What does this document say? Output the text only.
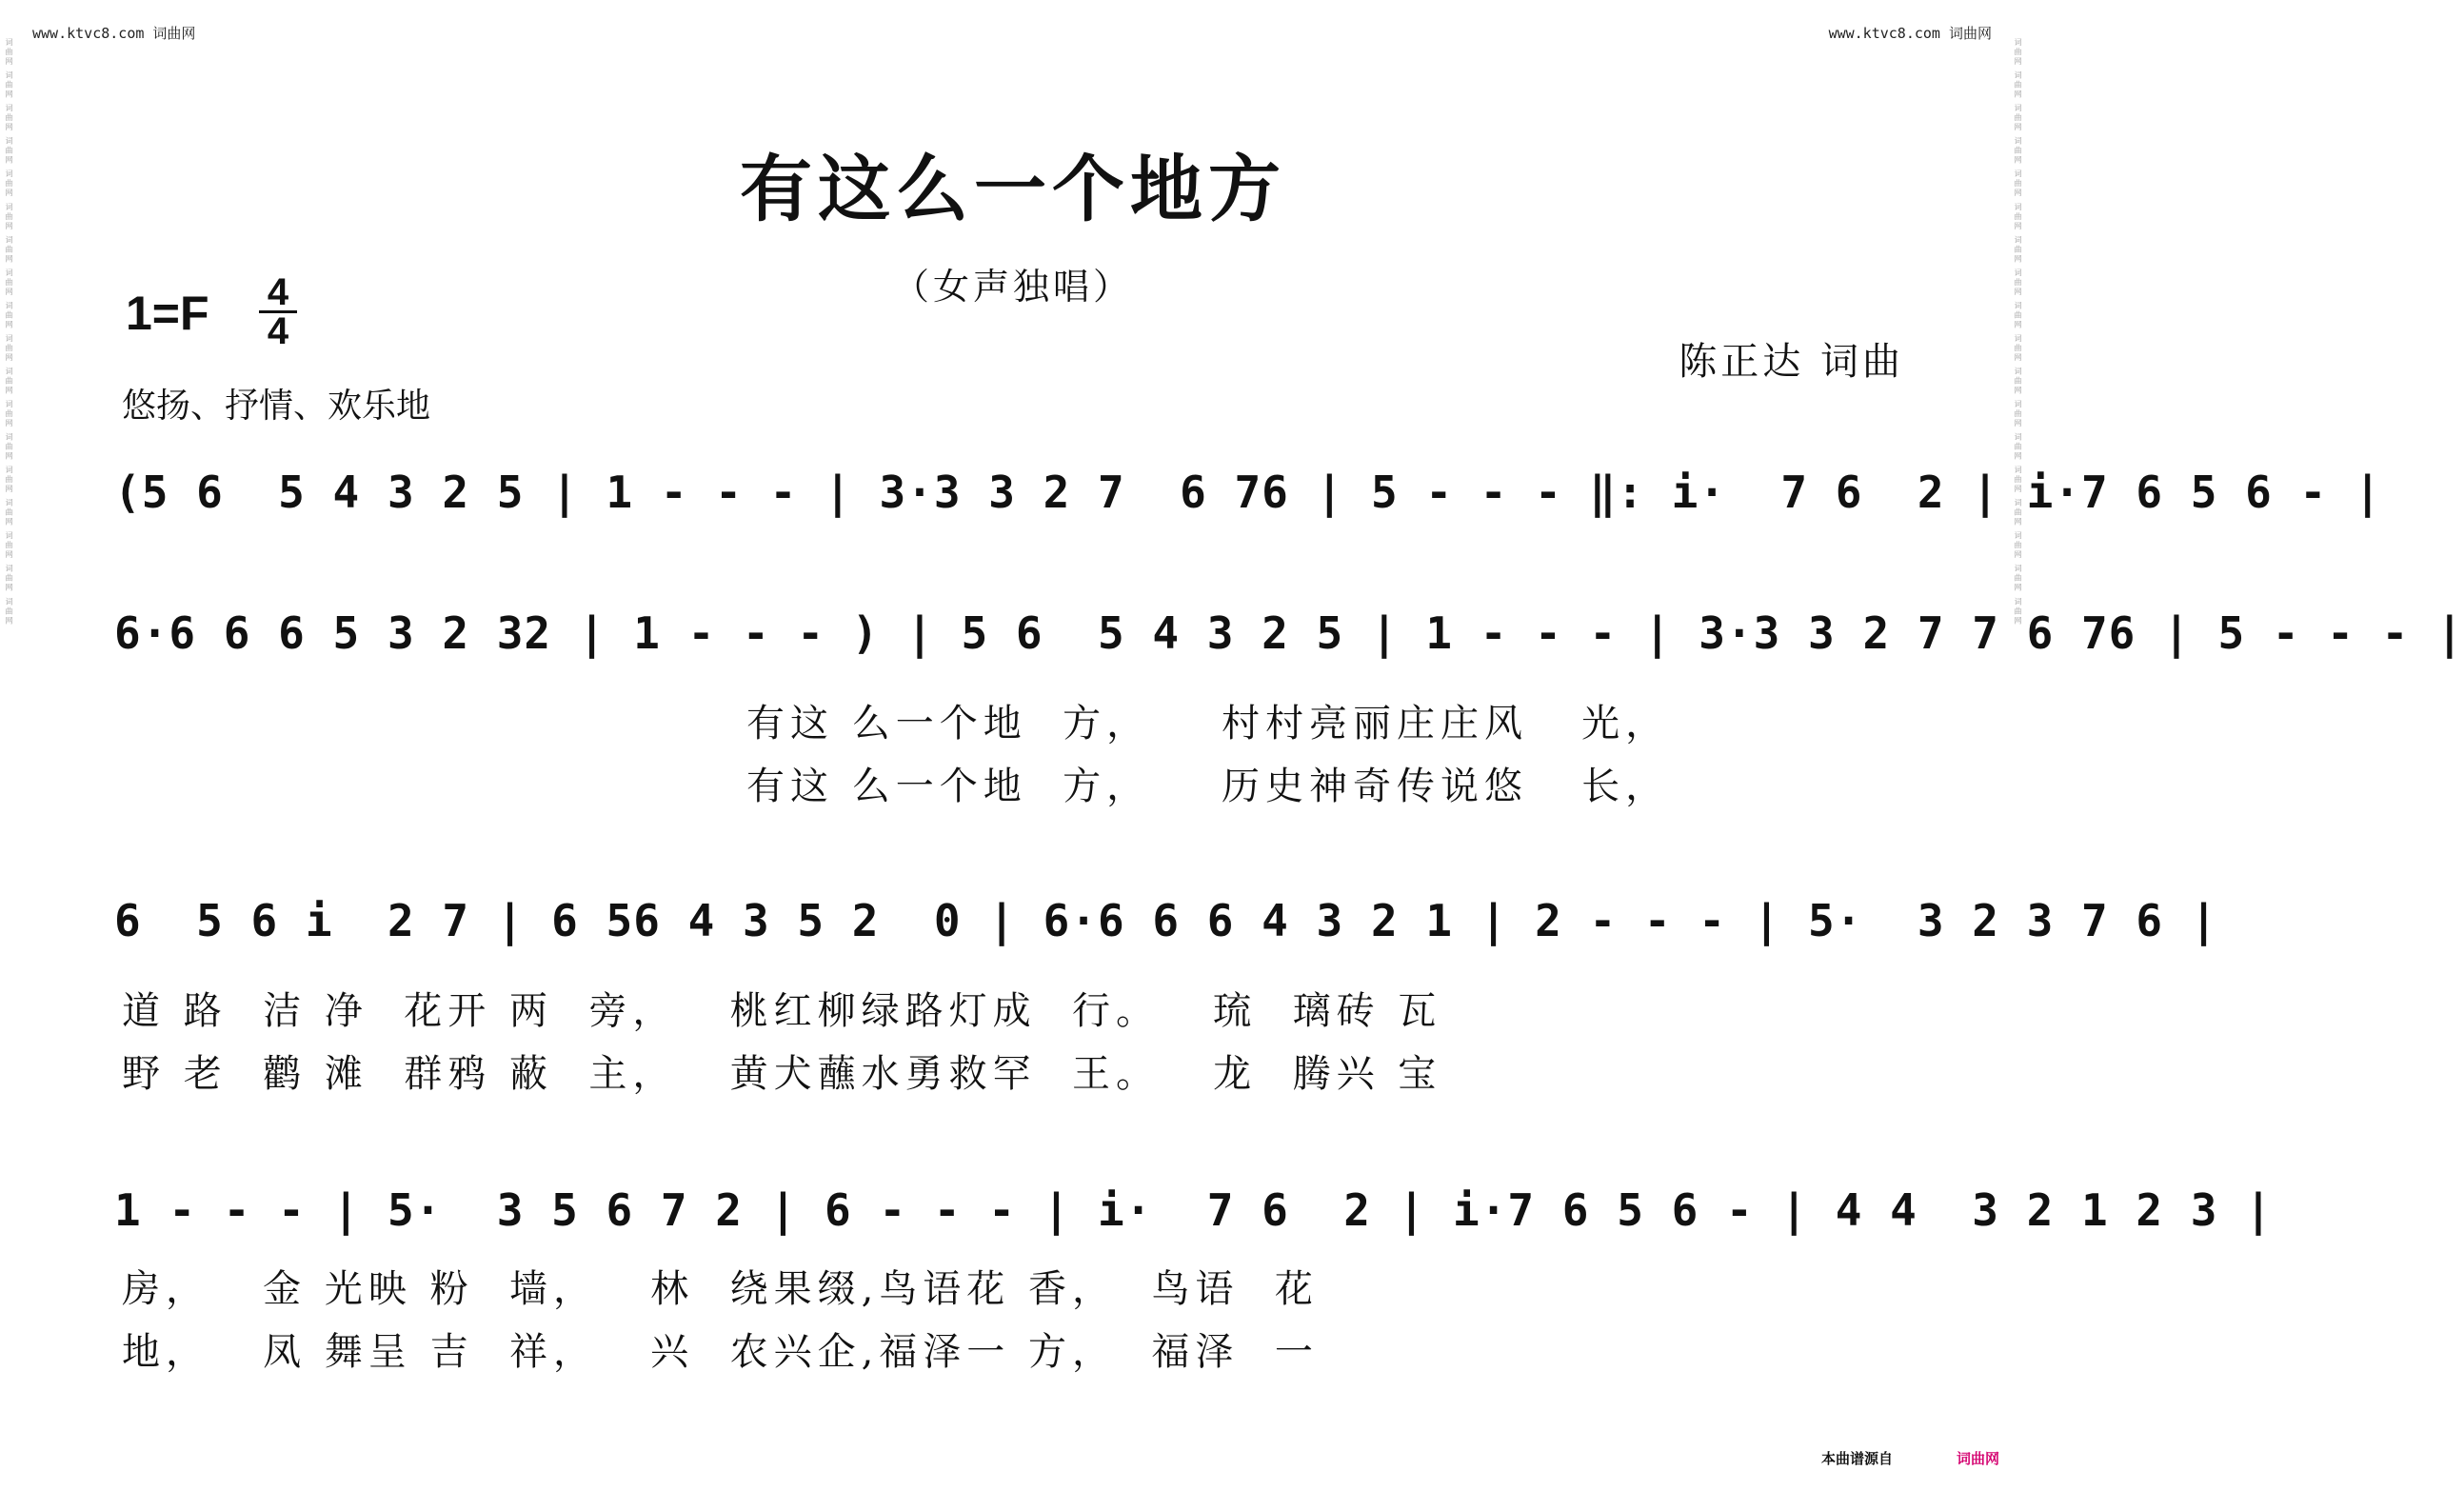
www.ktvc8.com 词曲网	www.ktvc8.com 词曲网
词曲网 词曲网 词曲网 词曲网 词曲网 词曲网 词曲网 词曲网 词曲网 词曲网 词曲网 词曲网 词曲网 词曲网 词曲网 词曲网 词曲网 词曲网	词曲网 词曲网 词曲网 词曲网 词曲网 词曲网 词曲网 词曲网 词曲网 词曲网 词曲网 词曲网 词曲网 词曲网 词曲网 词曲网 词曲网 词曲网
有这么一个地方
（女声独唱）
1=F 4
4
陈正达 词曲
悠扬、抒情、欢乐地
(5 6  5 4 3 2 5 | 1 - - - | 3·3 3 2 7  6 76 | 5 - - - ‖: i·  7 6  2 | i·7 6 5 6 - |
6·6 6 6 5 3 2 32 | 1 - - - ) | 5 6  5 4 3 2 5 | 1 - - - | 3·3 3 2 7 7 6 76 | 5 - - - |
有这 么一个地  方，    村村亮丽庄庄风   光，
有这 么一个地  方，    历史神奇传说悠   长，
6  5 6 i  2 7 | 6 56 4 3 5 2  0 | 6·6 6 6 4 3 2 1 | 2 - - - | 5·  3 2 3 7 6 |
道 路  洁 净  花开 两  旁，   桃红柳绿路灯成  行。   琉  璃砖 瓦
野 老  鹳 滩  群鸦 蔽  主，   黄犬蘸水勇救罕  王。   龙  腾兴 宝
1 - - - | 5·  3 5 6 7 2 | 6 - - - | i·  7 6  2 | i·7 6 5 6 - | 4 4  3 2 1 2 3 |
房，   金 光映 粉  墙，   林  绕果缀,鸟语花 香，  鸟语  花
地，   凤 舞呈 吉  祥，   兴  农兴企,福泽一 方，  福泽  一
本曲谱源自	词曲网
